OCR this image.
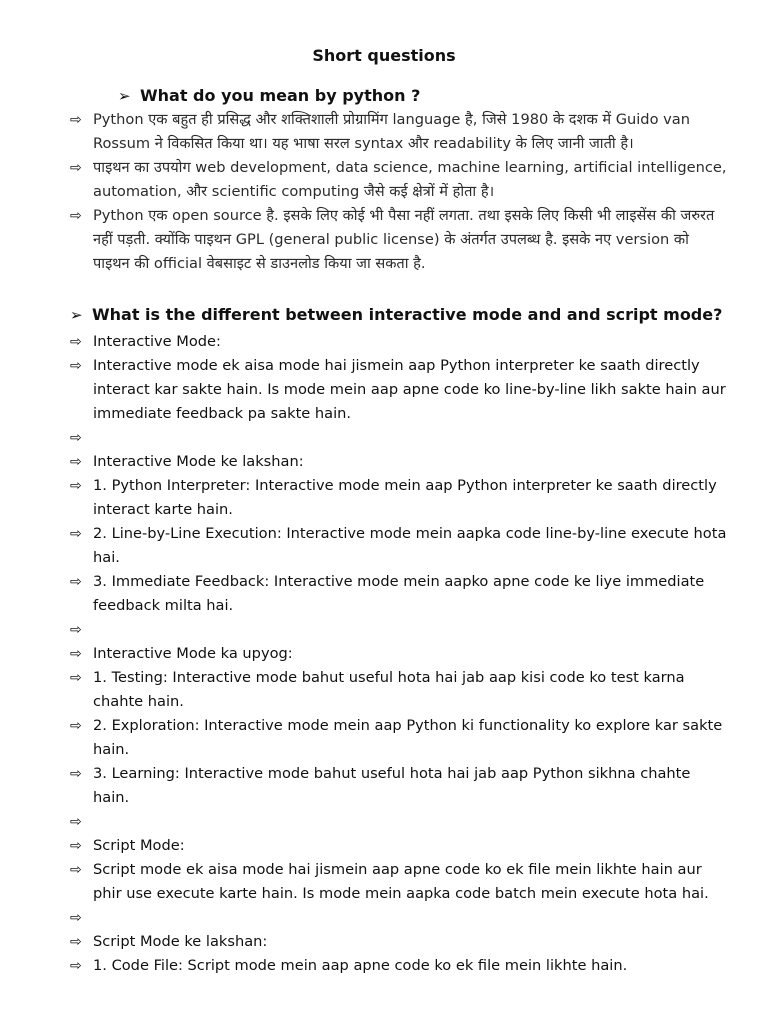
Short questions
➢ What do you mean by python ?
⇨ Python एक बहुत ही प्रसिद्ध और शक्तिशाली प्रोग्रामिंग language है, जिसे 1980 के दशक में Guido van Rossum ने विकसित किया था। यह भाषा सरल syntax और readability के लिए जानी जाती है।
⇨ पाइथन का उपयोग web development, data science, machine learning, artificial intelligence, automation, और scientific computing जैसे कई क्षेत्रों में होता है।
⇨ Python एक open source है. इसके लिए कोई भी पैसा नहीं लगता. तथा इसके लिए किसी भी लाइसेंस की जरुरत नहीं पड़ती. क्योंकि पाइथन GPL (general public license) के अंतर्गत उपलब्ध है. इसके नए version को पाइथन की official वेबसाइट से डाउनलोड किया जा सकता है.
➢ What is the different between interactive mode and and script mode?
⇨ Interactive Mode:
⇨ Interactive mode ek aisa mode hai jismein aap Python interpreter ke saath directly interact kar sakte hain. Is mode mein aap apne code ko line-by-line likh sakte hain aur immediate feedback pa sakte hain.
⇨
⇨ Interactive Mode ke lakshan:
⇨ 1. Python Interpreter: Interactive mode mein aap Python interpreter ke saath directly interact karte hain.
⇨ 2. Line-by-Line Execution: Interactive mode mein aapka code line-by-line execute hota hai.
⇨ 3. Immediate Feedback: Interactive mode mein aapko apne code ke liye immediate feedback milta hai.
⇨
⇨ Interactive Mode ka upyog:
⇨ 1. Testing: Interactive mode bahut useful hota hai jab aap kisi code ko test karna chahte hain.
⇨ 2. Exploration: Interactive mode mein aap Python ki functionality ko explore kar sakte hain.
⇨ 3. Learning: Interactive mode bahut useful hota hai jab aap Python sikhna chahte hain.
⇨
⇨ Script Mode:
⇨ Script mode ek aisa mode hai jismein aap apne code ko ek file mein likhte hain aur phir use execute karte hain. Is mode mein aapka code batch mein execute hota hai.
⇨
⇨ Script Mode ke lakshan:
⇨ 1. Code File: Script mode mein aap apne code ko ek file mein likhte hain.
